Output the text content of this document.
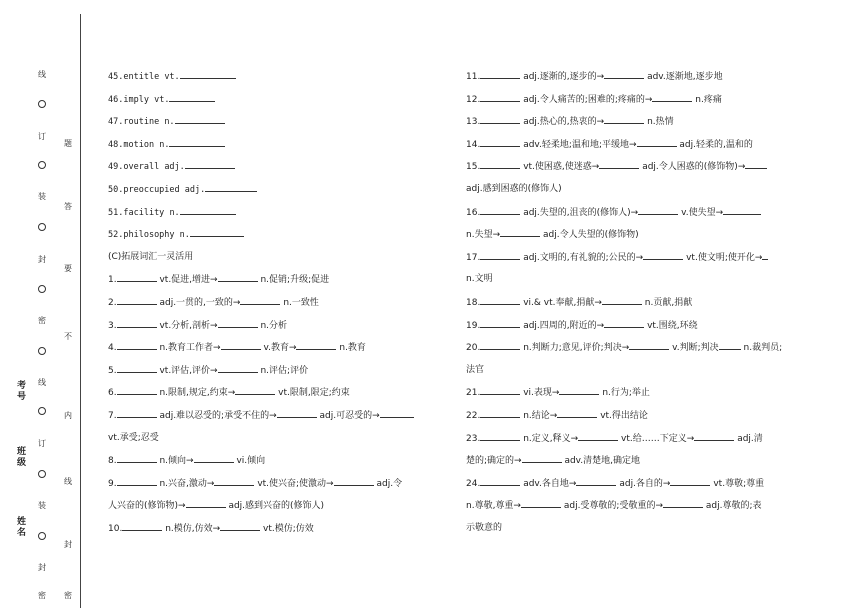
线
订
装
封
密
线
订
装
封
密
题
答
要
不
内
线
封
密
考号
班级
姓名
45.entitle vt.
46.imply vt.
47.routine n.
48.motion n.
49.overall adj.
50.preoccupied adj.
51.facility n.
52.philosophy n.
(C)拓展词汇一灵活用
1.	vt.促进,增进→	n.促销;升级;促进
2.	adj.一贯的,一致的→	n.一致性
3.	vt.分析,剖析→	n.分析
4.	n.教育工作者→	v.教育→	n.教育
5.	vt.评估,评价→	n.评估;评价
6.	n.限制,规定,约束→	vt.限制,限定;约束
7.	adj.难以忍受的;承受不住的→	adj.可忍受的→
vt.承受;忍受
8.	n.倾向→	vi.倾向
9.	n.兴奋,激动→	vt.使兴奋;使激动→	adj.令
人兴奋的(修饰物)→	adj.感到兴奋的(修饰人)
10.	n.模仿,仿效→	vt.模仿;仿效
11.	adj.逐渐的,逐步的→	adv.逐渐地,逐步地
12.	adj.令人痛苦的;困难的;疼痛的→	n.疼痛
13.	adj.热心的,热衷的→	n.热情
14.	adv.轻柔地;温和地;平缓地→	adj.轻柔的,温和的
15.	vt.使困惑,使迷惑→	adj.令人困惑的(修饰物)→
adj.感到困惑的(修饰人)
16.	adj.失望的,沮丧的(修饰人)→	v.使失望→
n.失望→	adj.令人失望的(修饰物)
17.	adj.文明的,有礼貌的;公民的→	vt.使文明;使开化→
n.文明
18.	vi.& vt.奉献,捐献→	n.贡献,捐献
19.	adj.四周的,附近的→	vt.围绕,环绕
20.	n.判断力;意见,评价;判决→	v.判断;判决	n.裁判员;
法官
21.	vi.表现→	n.行为;举止
22.	n.结论→	vt.得出结论
23.	n.定义,释义→	vt.给……下定义→	adj.清
楚的;确定的→	adv.清楚地,确定地
24.	adv.各自地→	adj.各自的→	vt.尊敬;尊重
n.尊敬,尊重→	adj.受尊敬的;受敬重的→	adj.尊敬的;表
示敬意的
